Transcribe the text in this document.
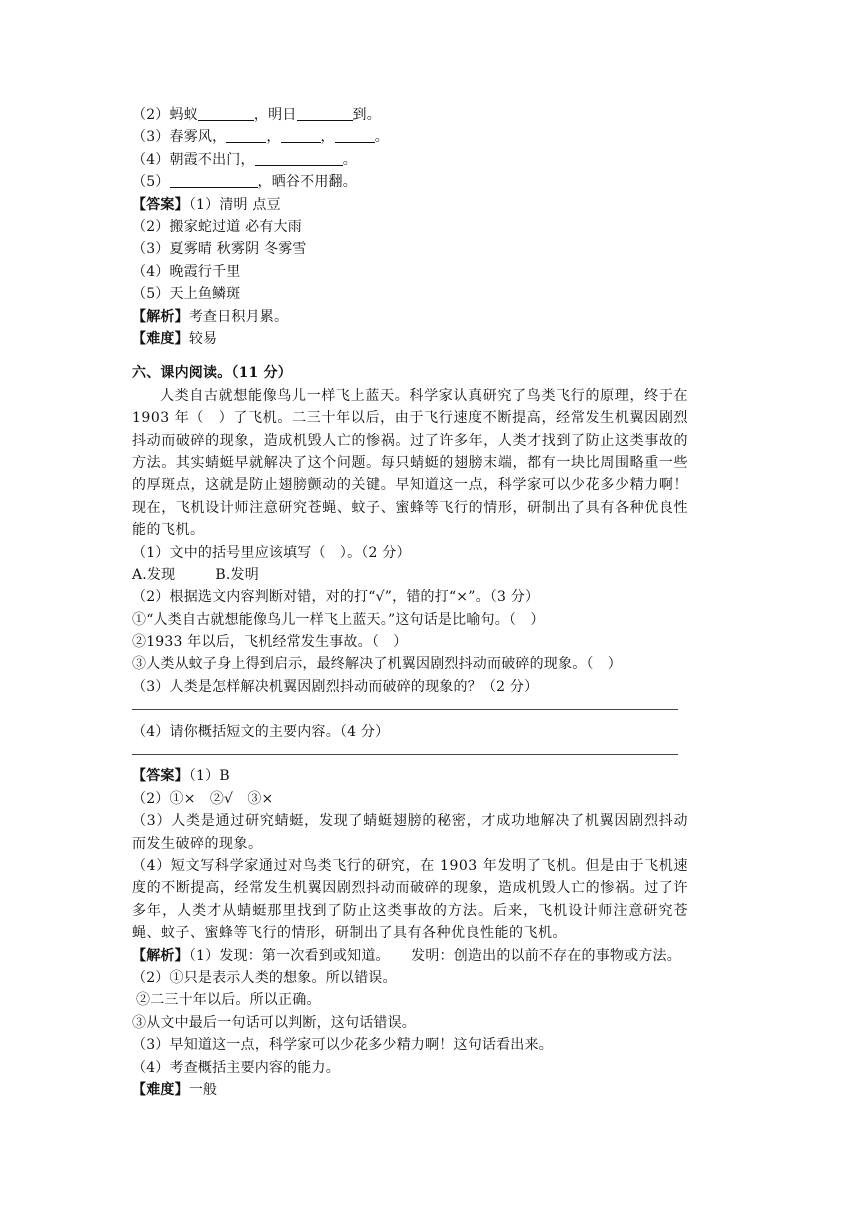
（2）蚂蚁	，明日	到。
（3）春雾风，	，	，	。
（4）朝霞不出门，	。
（5）	，晒谷不用翻。
【答案】（1）清明 点豆
（2）搬家蛇过道 必有大雨
（3）夏雾晴 秋雾阴 冬雾雪
（4）晚霞行千里
（5）天上鱼鳞斑
【解析】考查日积月累。
【难度】较易
六、课内阅读。（11 分）
人类自古就想能像鸟儿一样飞上蓝天。科学家认真研究了鸟类飞行的原理，终于在 1903 年（　）了飞机。二三十年以后，由于飞行速度不断提高，经常发生机翼因剧烈抖动而破碎的现象，造成机毁人亡的惨祸。过了许多年，人类才找到了防止这类事故的方法。其实蜻蜓早就解决了这个问题。每只蜻蜓的翅膀末端，都有一块比周围略重一些的厚斑点，这就是防止翅膀颤动的关键。早知道这一点，科学家可以少花多少精力啊！现在，飞机设计师注意研究苍蝇、蚊子、蜜蜂等飞行的情形，研制出了具有各种优良性能的飞机。
（1）文中的括号里应该填写（　）。（2 分）
A.发现	B.发明
（2）根据选文内容判断对错，对的打“√”，错的打“×”。（3 分）
①“人类自古就想能像鸟儿一样飞上蓝天。”这句话是比喻句。（　）
②1933 年以后，飞机经常发生事故。（　）
③人类从蚊子身上得到启示，最终解决了机翼因剧烈抖动而破碎的现象。（　）
（3）人类是怎样解决机翼因剧烈抖动而破碎的现象的？（2 分）
（4）请你概括短文的主要内容。（4 分）
【答案】（1）B
（2）①×　②√　③×
（3）人类是通过研究蜻蜓，发现了蜻蜓翅膀的秘密，才成功地解决了机翼因剧烈抖动而发生破碎的现象。
（4）短文写科学家通过对鸟类飞行的研究，在 1903 年发明了飞机。但是由于飞机速度的不断提高，经常发生机翼因剧烈抖动而破碎的现象，造成机毁人亡的惨祸。过了许多年，人类才从蜻蜓那里找到了防止这类事故的方法。后来，飞机设计师注意研究苍蝇、蚊子、蜜蜂等飞行的情形，研制出了具有各种优良性能的飞机。
【解析】（1）发现：第一次看到或知道。　　发明：创造出的以前不存在的事物或方法。
（2）①只是表示人类的想象。所以错误。
②二三十年以后。所以正确。
③从文中最后一句话可以判断，这句话错误。
（3）早知道这一点，科学家可以少花多少精力啊！这句话看出来。
（4）考查概括主要内容的能力。
【难度】一般
